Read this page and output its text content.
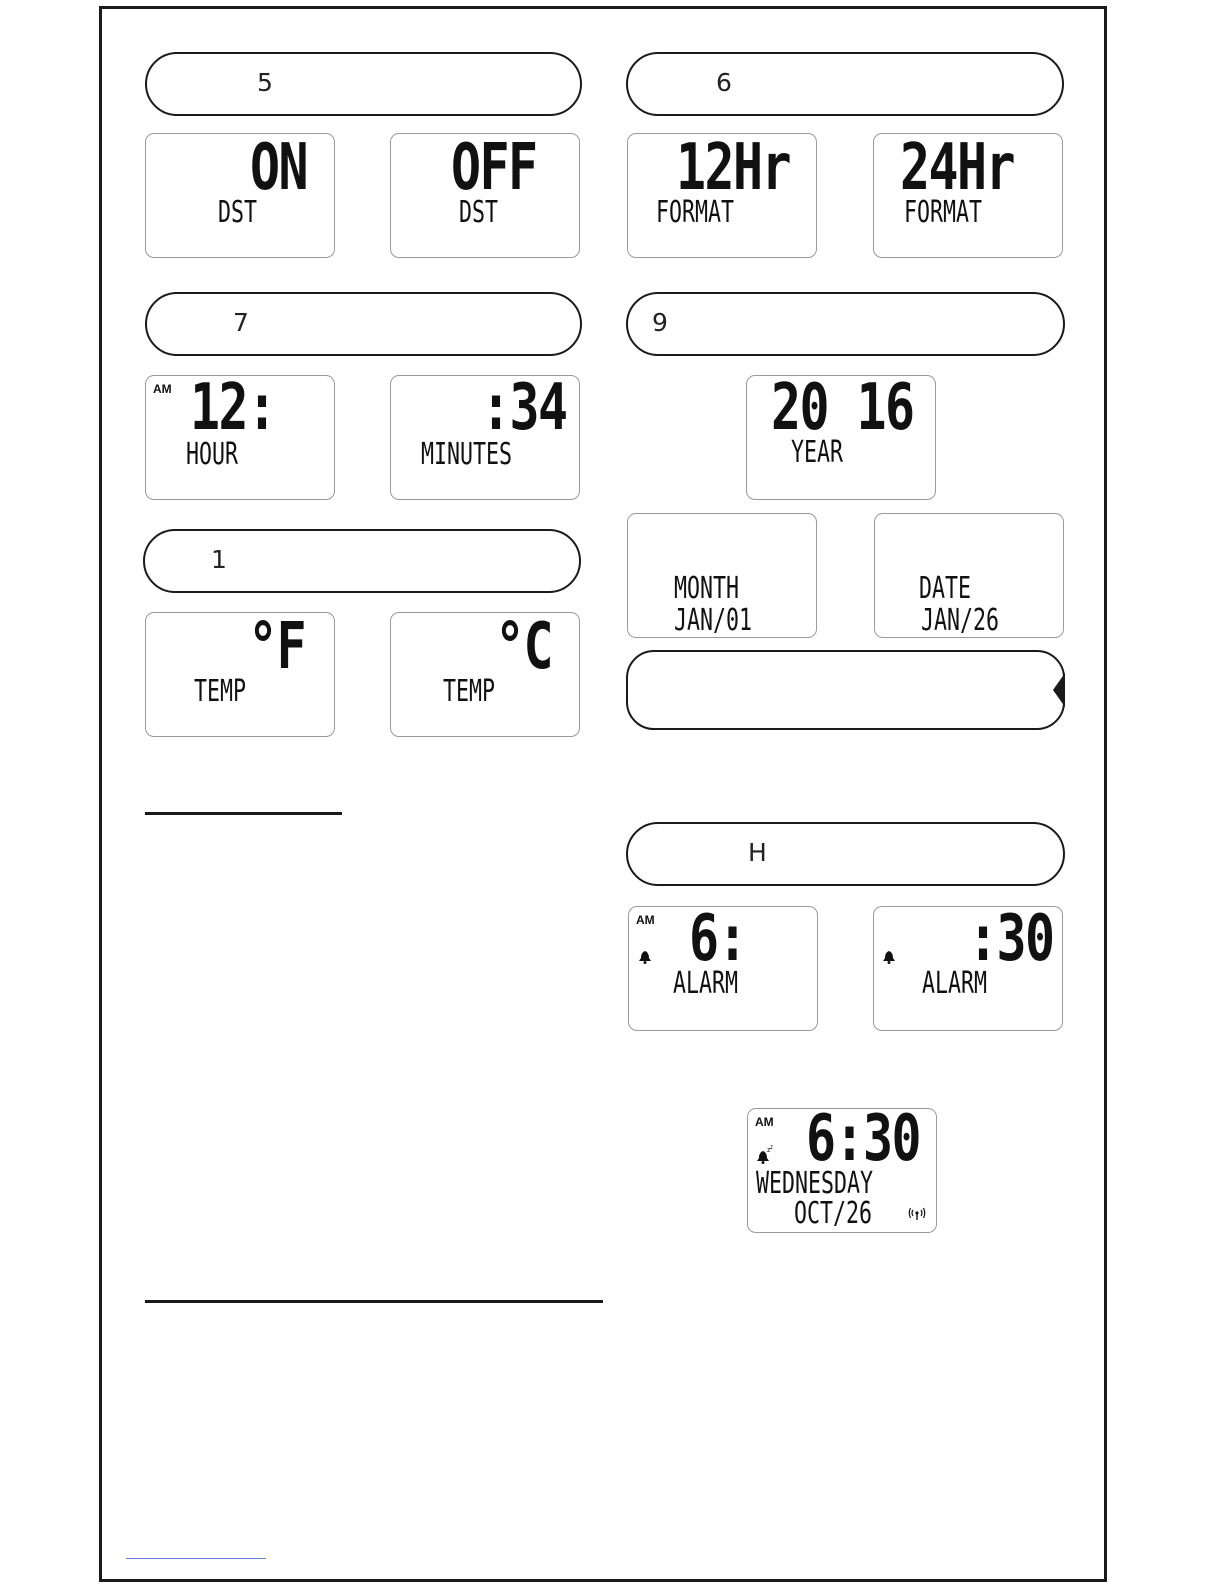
5	6
ON
DST
OFF
DST
12Hr
FORMAT
24Hr
FORMAT
7	9
AM 12:
HOUR
:34
MINUTES
20 16
YEAR
1
MONTH
JAN/01
DATE
JAN/26
°F
TEMP
°C
TEMP
H
AM 6:
ALARM
:30
ALARM
AM
z z 6:30
WEDNESDAY
OCT/26
